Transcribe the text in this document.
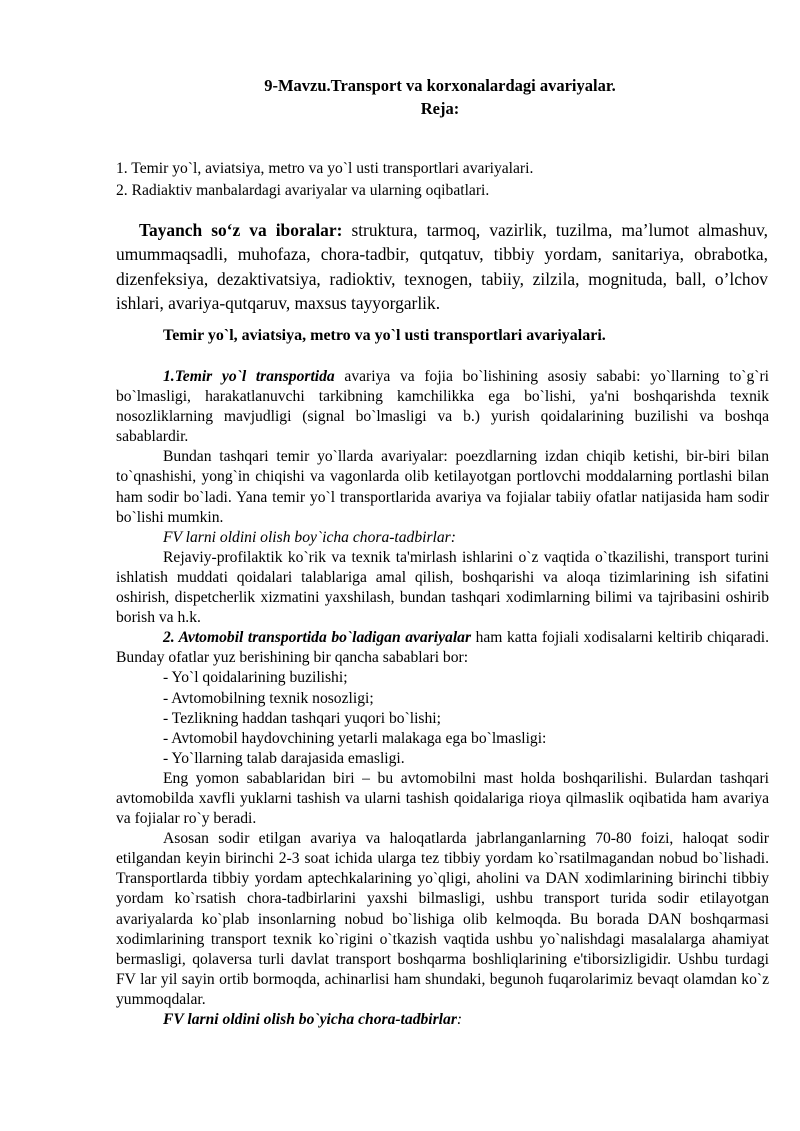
9-Mavzu.Transport va korxonalardagi avariyalar.
Reja:

1. Temir yo`l, aviatsiya, metro va yo`l usti transportlari avariyalari.

2. Radiaktiv manbalardagi avariyalar va ularning oqibatlari.

Tayanch so‘z va iboralar: struktura, tarmoq, vazirlik, tuzilma, ma’lumot almashuv, umummaqsadli, muhofaza, chora-tadbir, qutqatuv, tibbiy yordam, sanitariya, obrabotka, dizenfeksiya, dezaktivatsiya, radioktiv, texnogen, tabiiy, zilzila, mognituda, ball, o’lchov ishlari, avariya-qutqaruv, maxsus tayyorgarlik.

Temir yo`l, aviatsiya, metro va yo`l usti transportlari avariyalari.

1.Temir yo`l transportida avariya va fojia bo`lishining asosiy sababi: yo`llarning to`g`ri bo`lmasligi, harakatlanuvchi tarkibning kamchilikka ega bo`lishi, ya'ni boshqarishda texnik nosozliklarning mavjudligi (signal bo`lmasligi va b.) yurish qoidalarining buzilishi va boshqa sabablardir.

Bundan tashqari temir yo`llarda avariyalar: poezdlarning izdan chiqib ketishi, bir-biri bilan to`qnashishi, yong`in chiqishi va vagonlarda olib ketilayotgan portlovchi moddalarning portlashi bilan ham sodir bo`ladi. Yana temir yo`l transportlarida avariya va fojialar tabiiy ofatlar natijasida ham sodir bo`lishi mumkin.

FV larni oldini olish boy`icha chora-tadbirlar:

Rejaviy-profilaktik ko`rik va texnik ta'mirlash ishlarini o`z vaqtida o`tkazilishi, transport turini ishlatish muddati qoidalari talablariga amal qilish, boshqarishi va aloqa tizimlarining ish sifatini oshirish, dispetcherlik xizmatini yaxshilash, bundan tashqari xodimlarning bilimi va tajribasini oshirib borish va h.k.

2. Avtomobil transportida bo`ladigan avariyalar ham katta fojiali xodisalarni keltirib chiqaradi. Bunday ofatlar yuz berishining bir qancha sabablari bor:

- Yo`l qoidalarining buzilishi;

- Avtomobilning texnik nosozligi;

- Tezlikning haddan tashqari yuqori bo`lishi;

- Avtomobil haydovchining yetarli malakaga ega bo`lmasligi:

- Yo`llarning talab darajasida emasligi.

Eng yomon sabablaridan biri – bu avtomobilni mast holda boshqarilishi. Bulardan tashqari avtomobilda xavfli yuklarni tashish va ularni tashish qoidalariga rioya qilmaslik oqibatida ham avariya va fojialar ro`y beradi.

Asosan sodir etilgan avariya va haloqatlarda jabrlanganlarning 70-80 foizi, haloqat sodir etilgandan keyin birinchi 2-3 soat ichida ularga tez tibbiy yordam ko`rsatilmagandan nobud bo`lishadi. Transportlarda tibbiy yordam aptechkalarining yo`qligi, aholini va DAN xodimlarining birinchi tibbiy yordam ko`rsatish chora-tadbirlarini yaxshi bilmasligi, ushbu transport turida sodir etilayotgan avariyalarda ko`plab insonlarning nobud bo`lishiga olib kelmoqda. Bu borada DAN boshqarmasi xodimlarining transport texnik ko`rigini o`tkazish vaqtida ushbu yo`nalishdagi masalalarga ahamiyat bermasligi, qolaversa turli davlat transport boshqarma boshliqlarining e'tiborsizligidir. Ushbu turdagi FV lar yil sayin ortib bormoqda, achinarlisi ham shundaki, begunoh fuqarolarimiz bevaqt olamdan ko`z yummoqdalar.

FV larni oldini olish bo`yicha chora-tadbirlar:
